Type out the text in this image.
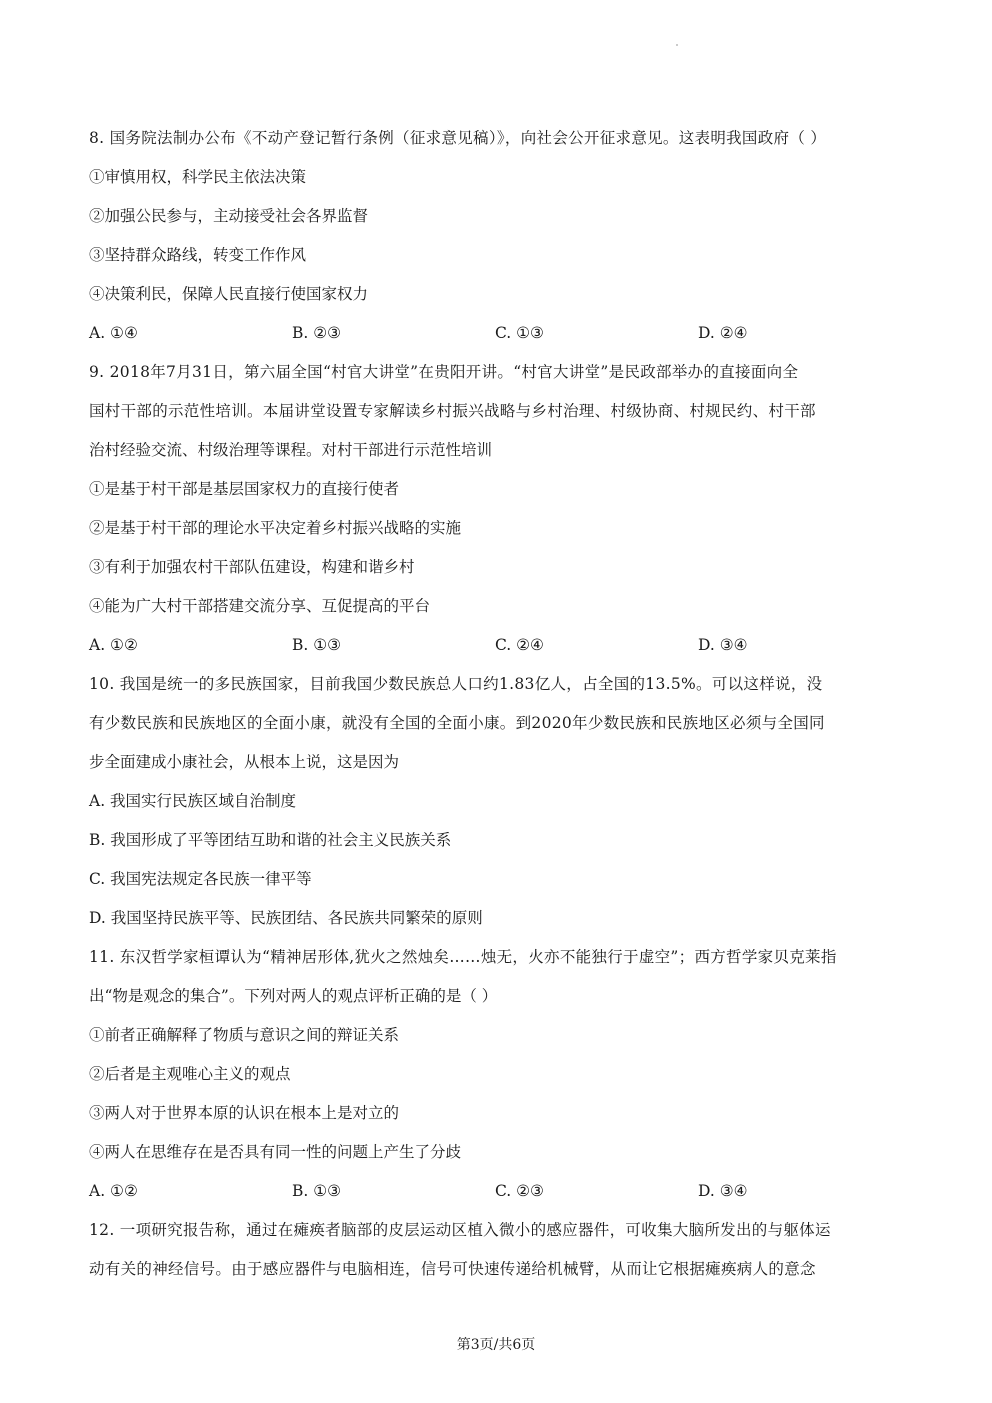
8. 国务院法制办公布《不动产登记暂行条例（征求意见稿）》，向社会公开征求意见。这表明我国政府（ ）
①审慎用权，科学民主依法决策
②加强公民参与，主动接受社会各界监督
③坚持群众路线，转变工作作风
④决策利民，保障人民直接行使国家权力
A. ①④	B. ②③	C. ①③	D. ②④
9. 2018年7月31日，第六届全国“村官大讲堂”在贵阳开讲。“村官大讲堂”是民政部举办的直接面向全
国村干部的示范性培训。本届讲堂设置专家解读乡村振兴战略与乡村治理、村级协商、村规民约、村干部
治村经验交流、村级治理等课程。对村干部进行示范性培训
①是基于村干部是基层国家权力的直接行使者
②是基于村干部的理论水平决定着乡村振兴战略的实施
③有利于加强农村干部队伍建设，构建和谐乡村
④能为广大村干部搭建交流分享、互促提高的平台
A. ①②	B. ①③	C. ②④	D. ③④
10. 我国是统一的多民族国家，目前我国少数民族总人口约1.83亿人，占全国的13.5%。可以这样说，没
有少数民族和民族地区的全面小康，就没有全国的全面小康。到2020年少数民族和民族地区必须与全国同
步全面建成小康社会，从根本上说，这是因为
A. 我国实行民族区域自治制度
B. 我国形成了平等团结互助和谐的社会主义民族关系
C. 我国宪法规定各民族一律平等
D. 我国坚持民族平等、民族团结、各民族共同繁荣的原则
11. 东汉哲学家桓谭认为“精神居形体,犹火之然烛矣……烛无，火亦不能独行于虚空”；西方哲学家贝克莱指
出“物是观念的集合”。下列对两人的观点评析正确的是（ ）
①前者正确解释了物质与意识之间的辩证关系
②后者是主观唯心主义的观点
③两人对于世界本原的认识在根本上是对立的
④两人在思维存在是否具有同一性的问题上产生了分歧
A. ①②	B. ①③	C. ②③	D. ③④
12. 一项研究报告称，通过在瘫痪者脑部的皮层运动区植入微小的感应器件，可收集大脑所发出的与躯体运
动有关的神经信号。由于感应器件与电脑相连，信号可快速传递给机械臂，从而让它根据瘫痪病人的意念
第3页/共6页
